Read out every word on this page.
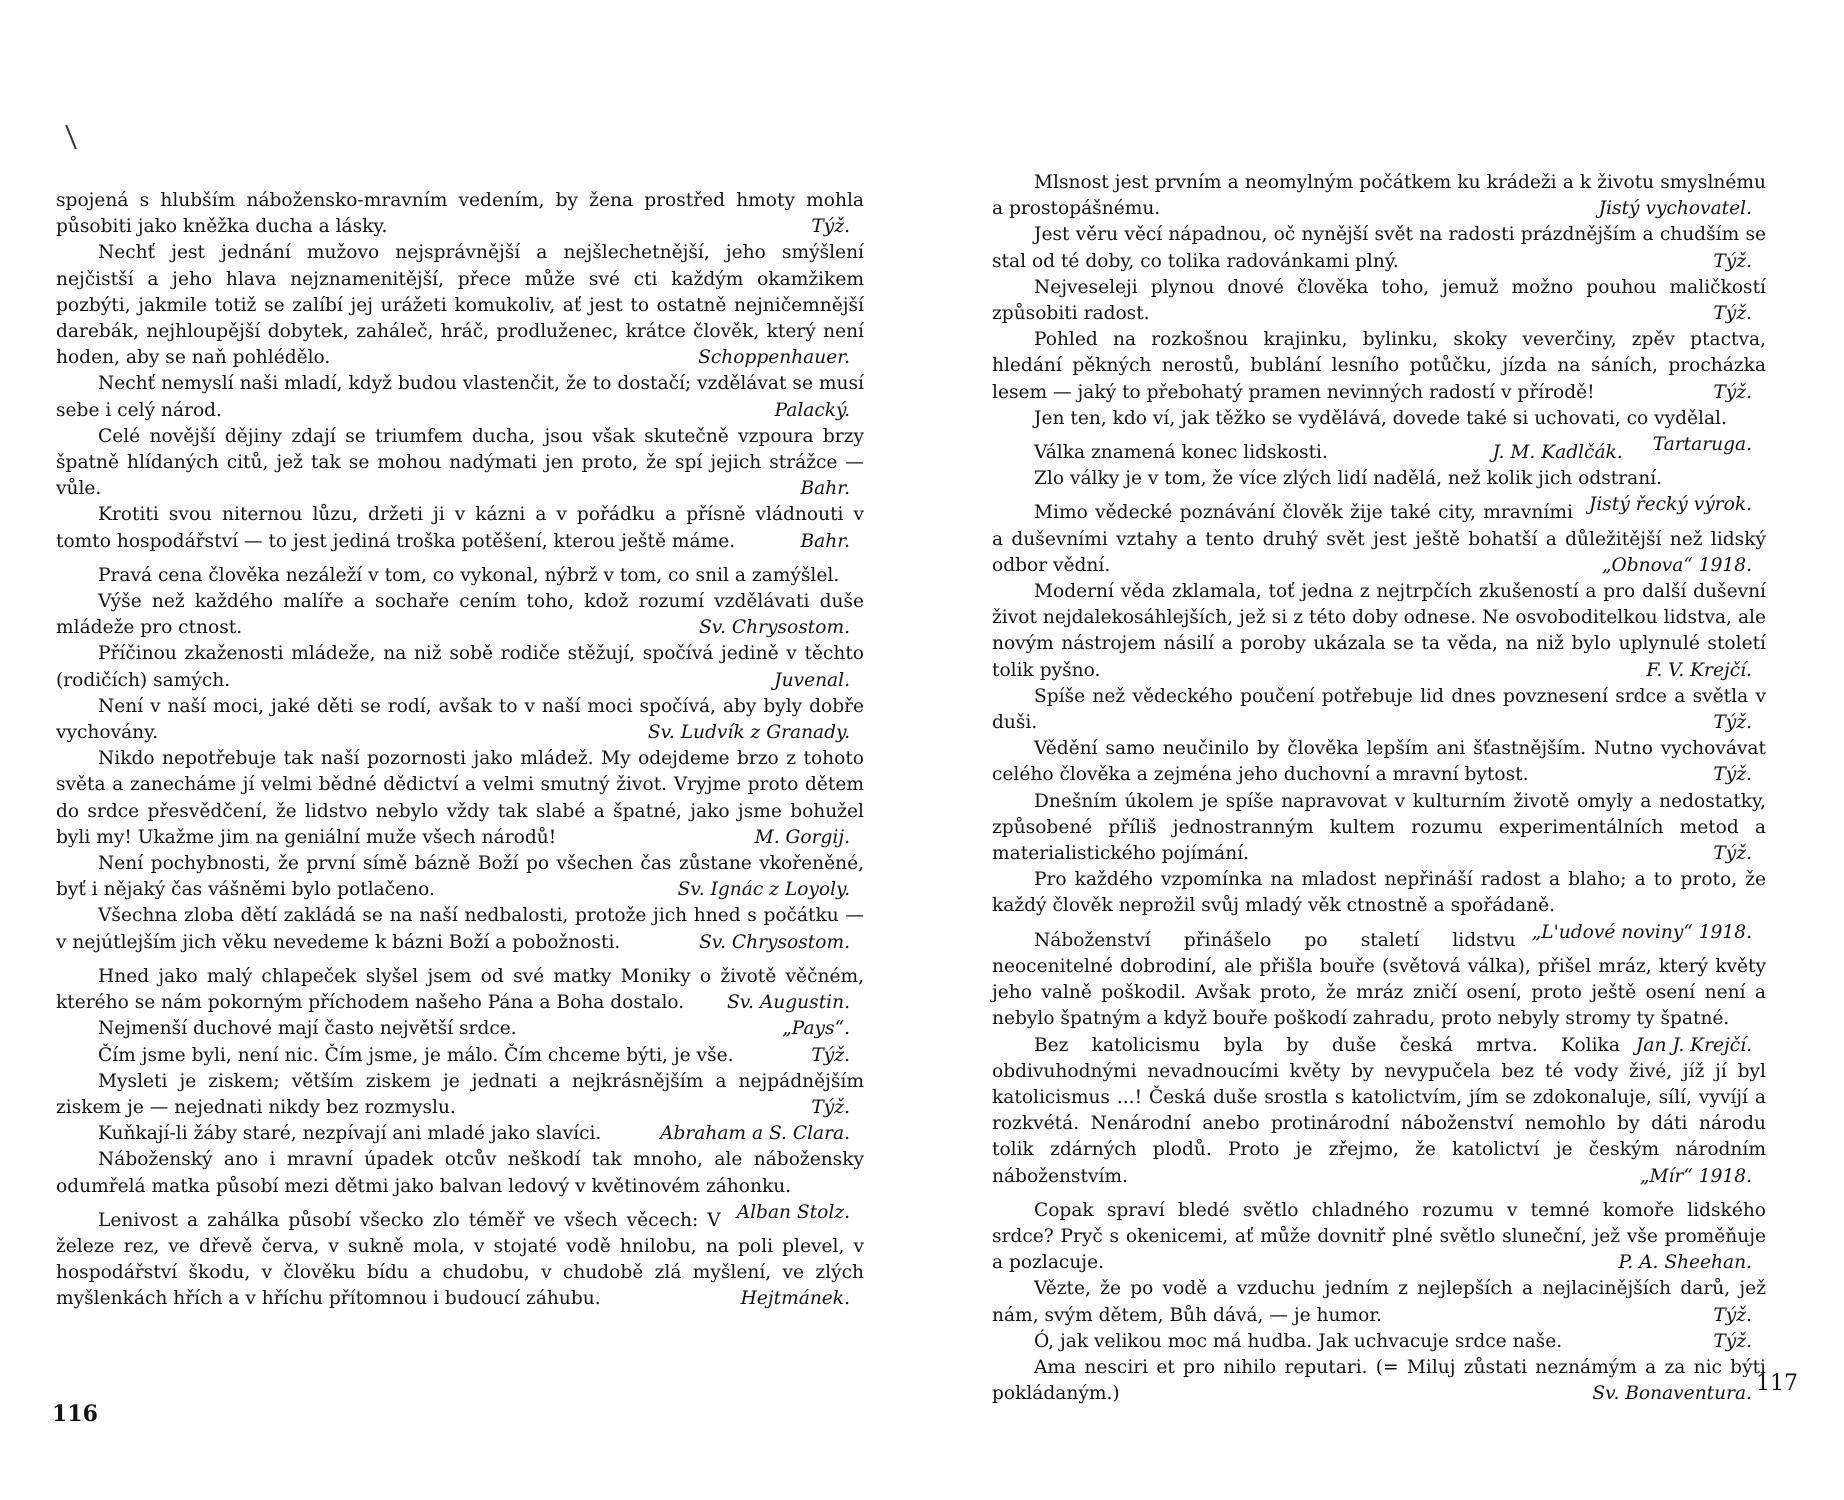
spojená s hlubším nábožensko-mravním vedením, by žena prostřed hmoty mohla působiti jako kněžka ducha a lásky.	Týž.

Nechť jest jednání mužovo nejsprávnější a nejšlechetnější, jeho smýšlení nejčistší a jeho hlava nejznamenitější, přece může své cti každým okamžikem pozbýti, jakmile totiž se zalíbí jej urážeti komukoliv, ať jest to ostatně nejničemnější darebák, nejhloupější dobytek, zaháleč, hráč, prodluženec, krátce člověk, který není hoden, aby se naň pohlédělo.	Schoppenhauer.

Nechť nemyslí naši mladí, když budou vlastenčit, že to dostačí; vzdělávat se musí sebe i celý národ.	Palacký.

Celé novější dějiny zdají se triumfem ducha, jsou však skutečně vzpoura brzy špatně hlídaných citů, jež tak se mohou nadýmati jen proto, že spí jejich strážce — vůle.	Bahr.

Krotiti svou niternou lůzu, držeti ji v kázni a v pořádku a přísně vládnouti v tomto hospodářství — to jest jediná troška potěšení, kterou ještě máme.	Bahr.

Pravá cena člověka nezáleží v tom, co vykonal, nýbrž v tom, co snil a zamýšlel.

Výše než každého malíře a sochaře cením toho, kdož rozumí vzdělávati duše mládeže pro ctnost.	Sv. Chrysostom.

Příčinou zkaženosti mládeže, na niž sobě rodiče stěžují, spočívá jedině v těchto (rodičích) samých.	Juvenal.

Není v naší moci, jaké děti se rodí, avšak to v naší moci spočívá, aby byly dobře vychovány.	Sv. Ludvík z Granady.

Nikdo nepotřebuje tak naší pozornosti jako mládež. My odejdeme brzo z tohoto světa a zanecháme jí velmi bědné dědictví a velmi smutný život. Vryjme proto dětem do srdce přesvědčení, že lidstvo nebylo vždy tak slabé a špatné, jako jsme bohužel byli my! Ukažme jim na geniální muže všech národů!	M. Gorgij.

Není pochybnosti, že první símě bázně Boží po všechen čas zůstane vkořeněné, byť i nějaký čas vášněmi bylo potlačeno.	Sv. Ignác z Loyoly.

Všechna zloba dětí zakládá se na naší nedbalosti, protože jich hned s počátku — v nejútlejším jich věku nevedeme k bázni Boží a pobožnosti.	Sv. Chrysostom.

Hned jako malý chlapeček slyšel jsem od své matky Moniky o životě věčném, kterého se nám pokorným příchodem našeho Pána a Boha dostalo.	Sv. Augustin.

Nejmenší duchové mají často největší srdce.	„Pays“.

Čím jsme byli, není nic. Čím jsme, je málo. Čím chceme býti, je vše.	Týž.

Mysleti je ziskem; větším ziskem je jednati a nejkrásnějším a nejpádnějším ziskem je — nejednati nikdy bez rozmyslu.	Týž.

Kuňkají-li žáby staré, nezpívají ani mladé jako slavíci.	Abraham a S. Clara.

Náboženský ano i mravní úpadek otcův neškodí tak mnoho, ale nábožensky odumřelá matka působí mezi dětmi jako balvan ledový v květinovém záhonku.
Alban Stolz.

Lenivost a zahálka působí všecko zlo téměř ve všech věcech: V železe rez, ve dřevě červa, v sukně mola, v stojaté vodě hnilobu, na poli plevel, v hospodářství škodu, v člověku bídu a chudobu, v chudobě zlá myšlení, ve zlých myšlenkách hřích a v hříchu přítomnou i budoucí záhubu.	Hejtmánek.

Mlsnost jest prvním a neomylným počátkem ku krádeži a k životu smyslnému a prostopášnému.	Jistý vychovatel.

Jest věru věcí nápadnou, oč nynější svět na radosti prázdnějším a chudším se stal od té doby, co tolika radovánkami plný.	Týž.

Nejveseleji plynou dnové člověka toho, jemuž možno pouhou maličkostí způsobiti radost.	Týž.

Pohled na rozkošnou krajinku, bylinku, skoky veverčiny, zpěv ptactva, hledání pěkných nerostů, bublání lesního potůčku, jízda na sáních, procházka lesem — jaký to přebohatý pramen nevinných radostí v přírodě!	Týž.

Jen ten, kdo ví, jak těžko se vydělává, dovede také si uchovati, co vydělal.
Tartaruga.

Válka znamená konec lidskosti.	J. M. Kadlčák.

Zlo války je v tom, že více zlých lidí nadělá, než kolik jich odstraní.
Jistý řecký výrok.

Mimo vědecké poznávání člověk žije také city, mravními a duševními vztahy a tento druhý svět jest ještě bohatší a důležitější než lidský odbor vědní.	„Obnova“ 1918.

Moderní věda zklamala, toť jedna z nejtrpčích zkušeností a pro další duševní život nejdalekosáhlejších, jež si z této doby odnese. Ne osvoboditelkou lidstva, ale novým nástrojem násilí a poroby ukázala se ta věda, na niž bylo uplynulé století tolik pyšno.	F. V. Krejčí.

Spíše než vědeckého poučení potřebuje lid dnes povznesení srdce a světla v duši.	Týž.

Vědění samo neučinilo by člověka lepším ani šťastnějším. Nutno vychovávat celého člověka a zejména jeho duchovní a mravní bytost.	Týž.

Dnešním úkolem je spíše napravovat v kulturním životě omyly a nedostatky, způsobené příliš jednostranným kultem rozumu experimentálních metod a materialistického pojímání.	Týž.

Pro každého vzpomínka na mladost nepřináší radost a blaho; a to proto, že každý člověk neprožil svůj mladý věk ctnostně a spořádaně.
„L'udové noviny“ 1918.

Náboženství přinášelo po staletí lidstvu neocenitelné dobrodiní, ale přišla bouře (světová válka), přišel mráz, který květy jeho valně poškodil. Avšak proto, že mráz zničí osení, proto ještě osení není a nebylo špatným a když bouře poškodí zahradu, proto nebyly stromy ty špatné.
Jan J. Krejčí.

Bez katolicismu byla by duše česká mrtva. Kolika obdivuhodnými nevadnoucími květy by nevypučela bez té vody živé, jíž jí byl katolicismus ...! Česká duše srostla s katolictvím, jím se zdokonaluje, sílí, vyvíjí a rozkvétá. Nenárodní anebo protinárodní náboženství nemohlo by dáti národu tolik zdárných plodů. Proto je zřejmo, že katolictví je českým národním náboženstvím.	„Mír“ 1918.

Copak spraví bledé světlo chladného rozumu v temné komoře lidského srdce? Pryč s okenicemi, ať může dovnitř plné světlo sluneční, jež vše proměňuje a pozlacuje.	P. A. Sheehan.

Vězte, že po vodě a vzduchu jedním z nejlepších a nejlacinějších darů, jež nám, svým dětem, Bůh dává, — je humor.	Týž.

Ó, jak velikou moc má hudba. Jak uchvacuje srdce naše.	Týž.

Ama nesciri et pro nihilo reputari. (= Miluj zůstati neznámým a za nic býti pokládaným.)	Sv. Bonaventura.

116
117
